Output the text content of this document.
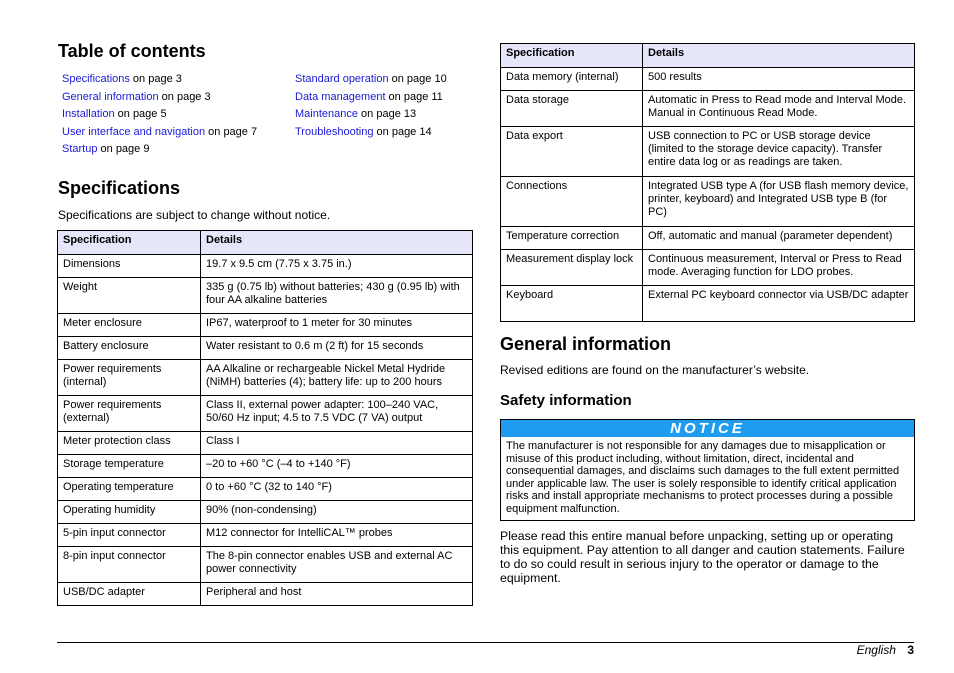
Table of contents
Specifications on page 3
General information on page 3
Installation on page 5
User interface and navigation on page 7
Startup on page 9
Standard operation on page 10
Data management on page 11
Maintenance on page 13
Troubleshooting on page 14
Specifications
Specifications are subject to change without notice.
Specification	Details
Dimensions	19.7 x 9.5 cm (7.75 x 3.75 in.)
Weight	335 g (0.75 lb) without batteries; 430 g (0.95 lb) with four AA alkaline batteries
Meter enclosure	IP67, waterproof to 1 meter for 30 minutes
Battery enclosure	Water resistant to 0.6 m (2 ft) for 15 seconds
Power requirements (internal)	AA Alkaline or rechargeable Nickel Metal Hydride (NiMH) batteries (4); battery life: up to 200 hours
Power requirements (external)	Class II, external power adapter: 100–240 VAC, 50/60 Hz input; 4.5 to 7.5 VDC (7 VA) output
Meter protection class	Class I
Storage temperature	–20 to +60 °C (–4 to +140 °F)
Operating temperature	0 to +60 °C (32 to 140 °F)
Operating humidity	90% (non-condensing)
5-pin input connector	M12 connector for IntelliCAL™ probes
8-pin input connector	The 8-pin connector enables USB and external AC power connectivity
USB/DC adapter	Peripheral and host
Specification	Details
Data memory (internal)	500 results
Data storage	Automatic in Press to Read mode and Interval Mode. Manual in Continuous Read Mode.
Data export	USB connection to PC or USB storage device (limited to the storage device capacity). Transfer entire data log or as readings are taken.
Connections	Integrated USB type A (for USB flash memory device, printer, keyboard) and Integrated USB type B (for PC)
Temperature correction	Off, automatic and manual (parameter dependent)
Measurement display lock	Continuous measurement, Interval or Press to Read mode. Averaging function for LDO probes.
Keyboard	External PC keyboard connector via USB/DC adapter
General information
Revised editions are found on the manufacturer’s website.
Safety information
NOTICE
The manufacturer is not responsible for any damages due to misapplication or misuse of this product including, without limitation, direct, incidental and consequential damages, and disclaims such damages to the full extent permitted under applicable law. The user is solely responsible to identify critical application risks and install appropriate mechanisms to protect processes during a possible equipment malfunction.
Please read this entire manual before unpacking, setting up or operating this equipment. Pay attention to all danger and caution statements. Failure to do so could result in serious injury to the operator or damage to the equipment.
English 3
